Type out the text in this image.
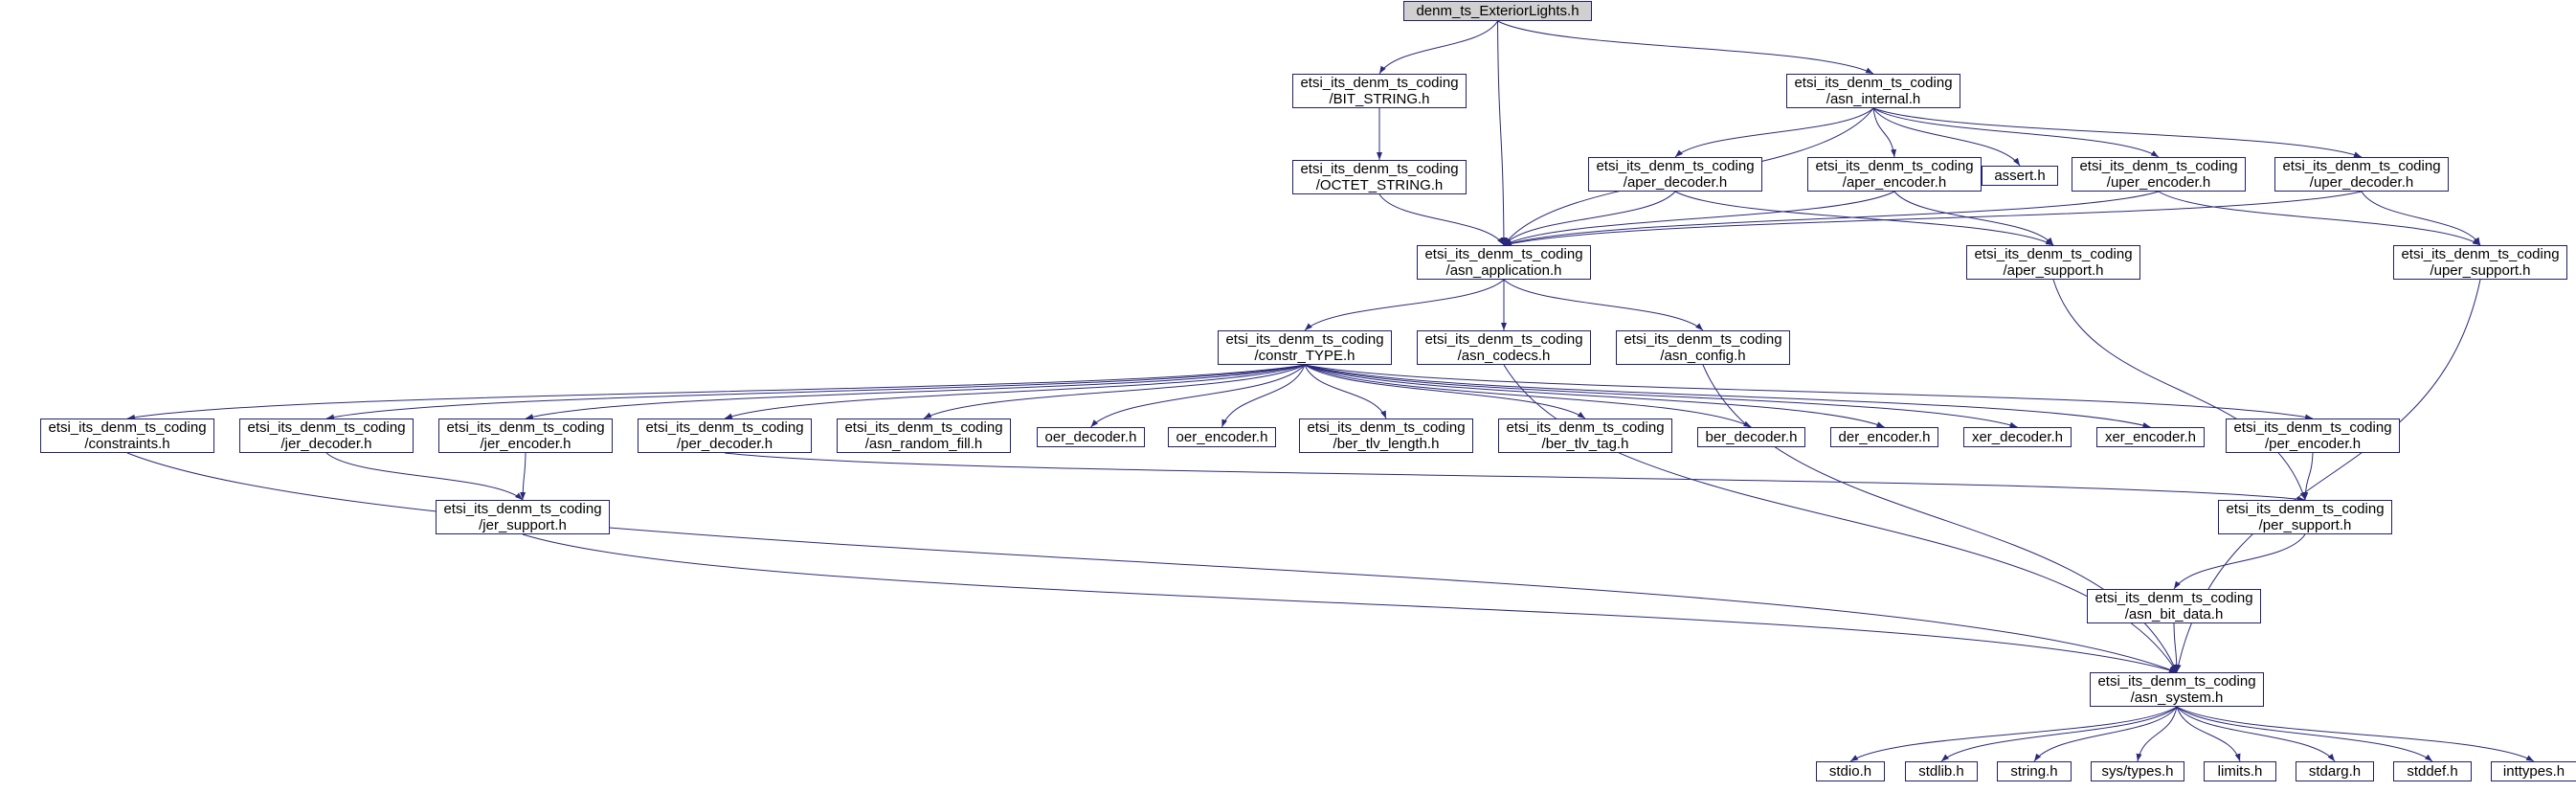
denm_ts_ExteriorLights.h
etsi_its_denm_ts_coding
/BIT_STRING.h
etsi_its_denm_ts_coding
/asn_internal.h
etsi_its_denm_ts_coding
/OCTET_STRING.h
etsi_its_denm_ts_coding
/aper_decoder.h
etsi_its_denm_ts_coding
/aper_encoder.h	assert.h
etsi_its_denm_ts_coding
/uper_encoder.h
etsi_its_denm_ts_coding
/uper_decoder.h
etsi_its_denm_ts_coding
/asn_application.h
etsi_its_denm_ts_coding
/aper_support.h
etsi_its_denm_ts_coding
/uper_support.h
etsi_its_denm_ts_coding
/constr_TYPE.h
etsi_its_denm_ts_coding
/asn_codecs.h
etsi_its_denm_ts_coding
/asn_config.h
etsi_its_denm_ts_coding
/constraints.h
etsi_its_denm_ts_coding
/jer_decoder.h
etsi_its_denm_ts_coding
/jer_encoder.h
etsi_its_denm_ts_coding
/per_decoder.h
etsi_its_denm_ts_coding
/asn_random_fill.h	oer_decoder.h	oer_encoder.h
etsi_its_denm_ts_coding
/ber_tlv_length.h
etsi_its_denm_ts_coding
/ber_tlv_tag.h	ber_decoder.h	der_encoder.h	xer_decoder.h	xer_encoder.h
etsi_its_denm_ts_coding
/per_encoder.h
etsi_its_denm_ts_coding
/jer_support.h
etsi_its_denm_ts_coding
/per_support.h
etsi_its_denm_ts_coding
/asn_bit_data.h
etsi_its_denm_ts_coding
/asn_system.h
stdio.h	stdlib.h	string.h	sys/types.h	limits.h	stdarg.h	stddef.h	inttypes.h
